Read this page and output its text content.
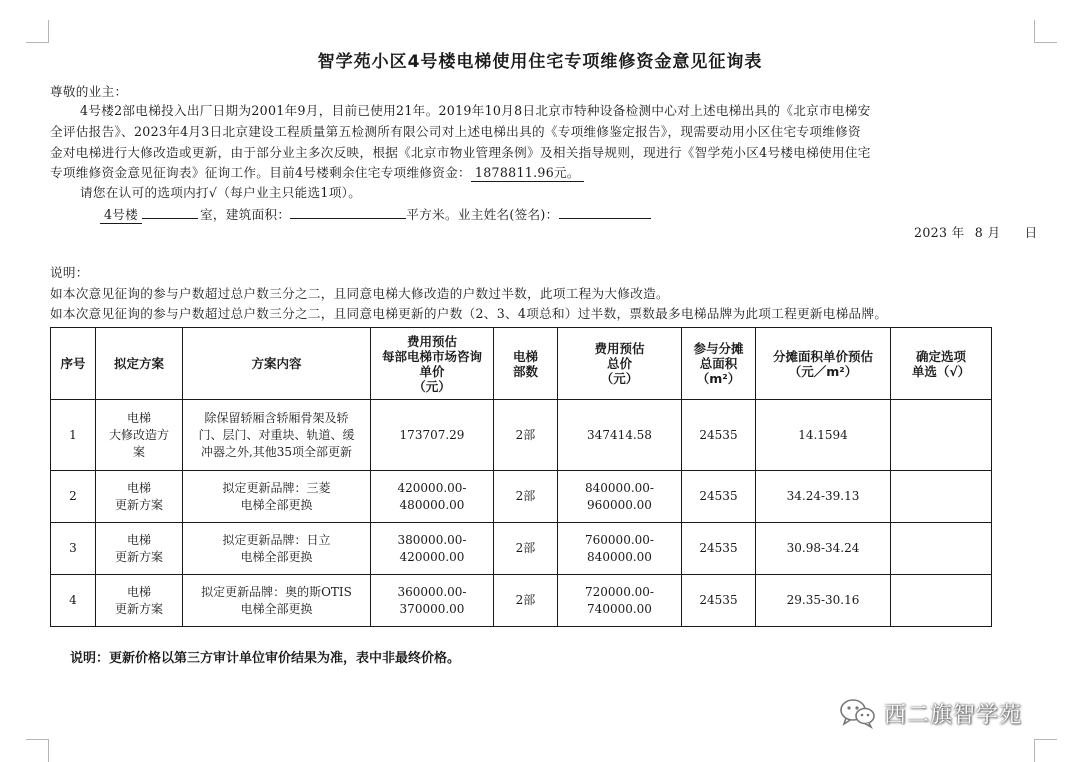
智学苑小区4号楼电梯使用住宅专项维修资金意见征询表
尊敬的业主：
4号楼2部电梯投入出厂日期为2001年9月，目前已使用21年。2019年10月8日北京市特种设备检测中心对上述电梯出具的《北京市电梯安
全评估报告》、2023年4月3日北京建设工程质量第五检测所有限公司对上述电梯出具的《专项维修鉴定报告》，现需要动用小区住宅专项维修资
金对电梯进行大修改造或更新，由于部分业主多次反映，根据《北京市物业管理条例》及相关指导规则，现进行《智学苑小区4号楼电梯使用住宅
专项维修资金意见征询表》征询工作。目前4号楼剩余住宅专项维修资金： 1878811.96元。
请您在认可的选项内打√（每户业主只能选1项）。
4号楼	室，建筑面积：	平方米。业主姓名(签名)：
2023 年 8 月 日
说明：
如本次意见征询的参与户数超过总户数三分之二，且同意电梯大修改造的户数过半数，此项工程为大修改造。
如本次意见征询的参与户数超过总户数三分之二，且同意电梯更新的户数（2、3、4项总和）过半数，票数最多电梯品牌为此项工程更新电梯品牌。
序号	拟定方案	方案内容	费用预估
每部电梯市场咨询
单价
（元）	电梯
部数	费用预估
总价
（元）	参与分摊
总面积
（m²）	分摊面积单价预估
（元／m²）	确定选项
单选（√）

1	电梯
大修改造方
案	除保留轿厢含轿厢骨架及轿
门、层门、对重块、轨道、缓
冲器之外,其他35项全部更新	173707.29	2部	347414.58	24535	14.1594	
2	电梯
更新方案	拟定更新品牌：三菱
电梯全部更换	420000.00-
480000.00	2部	840000.00-
960000.00	24535	34.24-39.13	
3	电梯
更新方案	拟定更新品牌：日立
电梯全部更换	380000.00-
420000.00	2部	760000.00-
840000.00	24535	30.98-34.24	
4	电梯
更新方案	拟定更新品牌：奥的斯OTIS
电梯全部更换	360000.00-
370000.00	2部	720000.00-
740000.00	24535	29.35-30.16	
说明：更新价格以第三方审计单位审价结果为准，表中非最终价格。
西二旗智学苑
